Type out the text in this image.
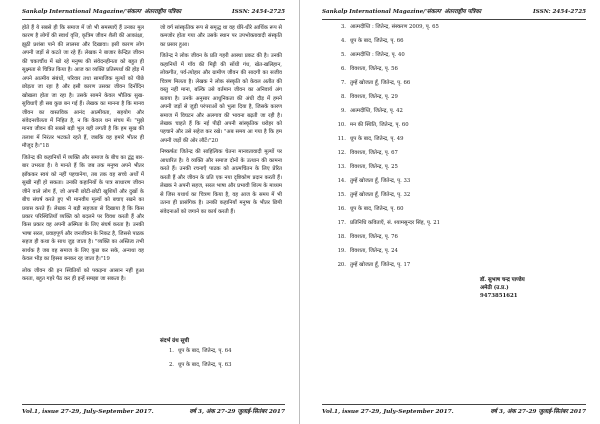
Sankalp International Magazine/'संकल्प' अंतरराष्ट्रीय पत्रिका	ISSN: 2454-2725

होते हैं ये सबसे ही कि समाज में जो भी समस्याएँ हैं उनका मूल कारण है लोगों की स्वार्थ वृत्ति, कृत्रिम जीवन शैली की आकांक्षा, झूठी प्रशंसा पाने की लालसा और दिखावा। इसी कारण लोग अपनी जड़ों से कटते जा रहे हैं। लेखक ने बाजार केन्द्रित जीवन की चकाचौंध में खो रहे मनुष्य की संवेदनहीनता को बहुत ही सूक्ष्मता से चित्रित किया है। आज का व्यक्ति प्रतिस्पर्धा की होड़ में अपने आत्मीय संबंधों, परिवार तथा सामाजिक मूल्यों को पीछे छोड़ता जा रहा है और इसी कारण उसका जीवन दिनोंदिन खोखला होता जा रहा है। उसके सामने केवल भौतिक सुख-सुविधाएँ ही सब कुछ बन गई हैं। लेखक का मानना है कि मानव जीवन का वास्तविक आनंद आत्मीयता, सहयोग और संवेदनशीलता में निहित है, न कि केवल धन संचय में। "मुझे मानव जीवन की सबसे बड़ी भूल यही लगती है कि हम सुख की तलाश में निरंतर भटकते रहते हैं, जबकि वह हमारे भीतर ही मौजूद है।"18

जितेन्द्र की कहानियों में व्यक्ति और समाज के बीच का द्वंद्व बार-बार उभरता है। वे मानते हैं कि जब तक मनुष्य अपने भीतर झाँककर स्वयं को नहीं पहचानेगा, तब तक वह सच्चे अर्थों में सुखी नहीं हो सकता। उनकी कहानियों के पात्र साधारण जीवन जीने वाले लोग हैं, जो अपनी छोटी-छोटी खुशियों और दुखों के बीच संघर्ष करते हुए भी मानवीय मूल्यों को बचाए रखने का प्रयास करते हैं। लेखक ने बड़ी सहजता से दिखाया है कि किस प्रकार परिस्थितियाँ व्यक्ति को बदलने पर विवश करती हैं और किस प्रकार वह अपनी अस्मिता के लिए संघर्ष करता है। उनकी भाषा सरल, प्रवाहपूर्ण और जनजीवन के निकट है, जिससे पाठक सहज ही कथा के साथ जुड़ जाता है। "व्यक्ति का अस्तित्व तभी सार्थक है जब वह समाज के लिए कुछ कर सके, अन्यथा वह केवल भीड़ का हिस्सा बनकर रह जाता है।"19

लोक जीवन की इन स्थितियों को पकड़ना आसान नहीं हुआ करता, बहुत गहरे पैठ कर ही इन्हें समझा जा सकता है।

जो वर्ग सांस्कृतिक रूप से समृद्ध था वह धीरे-धीरे आर्थिक रूप से कमजोर होता गया और उसके स्थान पर उपभोक्तावादी संस्कृति का प्रसार हुआ।

जितेन्द्र ने लोक जीवन के प्रति गहरी आस्था प्रकट की है। उनकी कहानियों में गाँव की मिट्टी की सोंधी गंध, खेत-खलिहान, लोकगीत, पर्व-त्योहार और ग्रामीण जीवन की सादगी का सजीव चित्रण मिलता है। लेखक ने लोक संस्कृति को केवल अतीत की वस्तु नहीं माना, बल्कि उसे वर्तमान जीवन का अनिवार्य अंग बताया है। उनके अनुसार आधुनिकता की अंधी दौड़ में हमने अपनी जड़ों से जुड़ी परंपराओं को भुला दिया है, जिसके कारण समाज में विघटन और अलगाव की भावना बढ़ती जा रही है। लेखक चाहते हैं कि नई पीढ़ी अपनी सांस्कृतिक धरोहर को पहचाने और उसे सहेज कर रखे। "अब समय आ गया है कि हम अपनी जड़ों की ओर लौटें।"20

निष्कर्षतः जितेन्द्र की साहित्यिक चेतना मानवतावादी मूल्यों पर आधारित है। वे व्यक्ति और समाज दोनों के उत्थान की कामना करते हैं। उनकी रचनाएँ पाठक को आत्मचिंतन के लिए प्रेरित करती हैं और जीवन के प्रति एक नया दृष्टिकोण प्रदान करती हैं। लेखक ने अपनी सहज, सरल भाषा और प्रभावी शिल्प के माध्यम से जिस यथार्थ का चित्रण किया है, वह आज के समय में भी उतना ही प्रासंगिक है। उनकी कहानियाँ मनुष्य के भीतर छिपी संवेदनाओं को जगाने का कार्य करती हैं।

संदर्भ ग्रंथ सूची
1. धूप के बाद, जितेन्द्र, पृ. 64
2. धूप के बाद, जितेन्द्र, पृ. 63
Vol.1, issue 27-29, July-September 2017.	वर्ष 3, अंक 27-29 जुलाई-सितंबर 2017
Sankalp International Magazine/'संकल्प' अंतरराष्ट्रीय पत्रिका	ISSN: 2454-2725
3. आत्मदीप्ति : जितेन्द्र, संस्करण 2009, पृ. 65
4. धूप के बाद, जितेन्द्र, पृ. 66
5. आत्मदीप्ति : जितेन्द्र, पृ. 40
6. विवशता, जितेन्द्र, पृ. 56
7. तुम्हें खोजता हूँ, जितेन्द्र, पृ. 66
8. विवशता, जितेन्द्र, पृ. 29
9. आत्मदीप्ति, जितेन्द्र, पृ. 42
10. मन की स्थिति, जितेन्द्र, पृ. 60
11. धूप के बाद, जितेन्द्र, पृ. 49
12. विवशता, जितेन्द्र, पृ. 67
13. विवशता, जितेन्द्र, पृ. 25
14. तुम्हें खोजता हूँ, जितेन्द्र, पृ. 33
15. तुम्हें खोजता हूँ, जितेन्द्र, पृ. 32
16. धूप के बाद, जितेन्द्र, पृ. 60
17. प्रतिनिधि कविताएँ, सं. श्यामसुन्दर सिंह, पृ. 21
18. विवशता, जितेन्द्र, पृ. 76
19. विवशता, जितेन्द्र, पृ. 24
20. तुम्हें खोजता हूँ, जितेन्द्र, पृ. 17
डॉ. सुभाष चन्द्र पाण्डेय
अमेठी (उ.प्र.)
9473851621
Vol.1, issue 27-29, July-September 2017.	वर्ष 3, अंक 27-29 जुलाई-सितंबर 2017
